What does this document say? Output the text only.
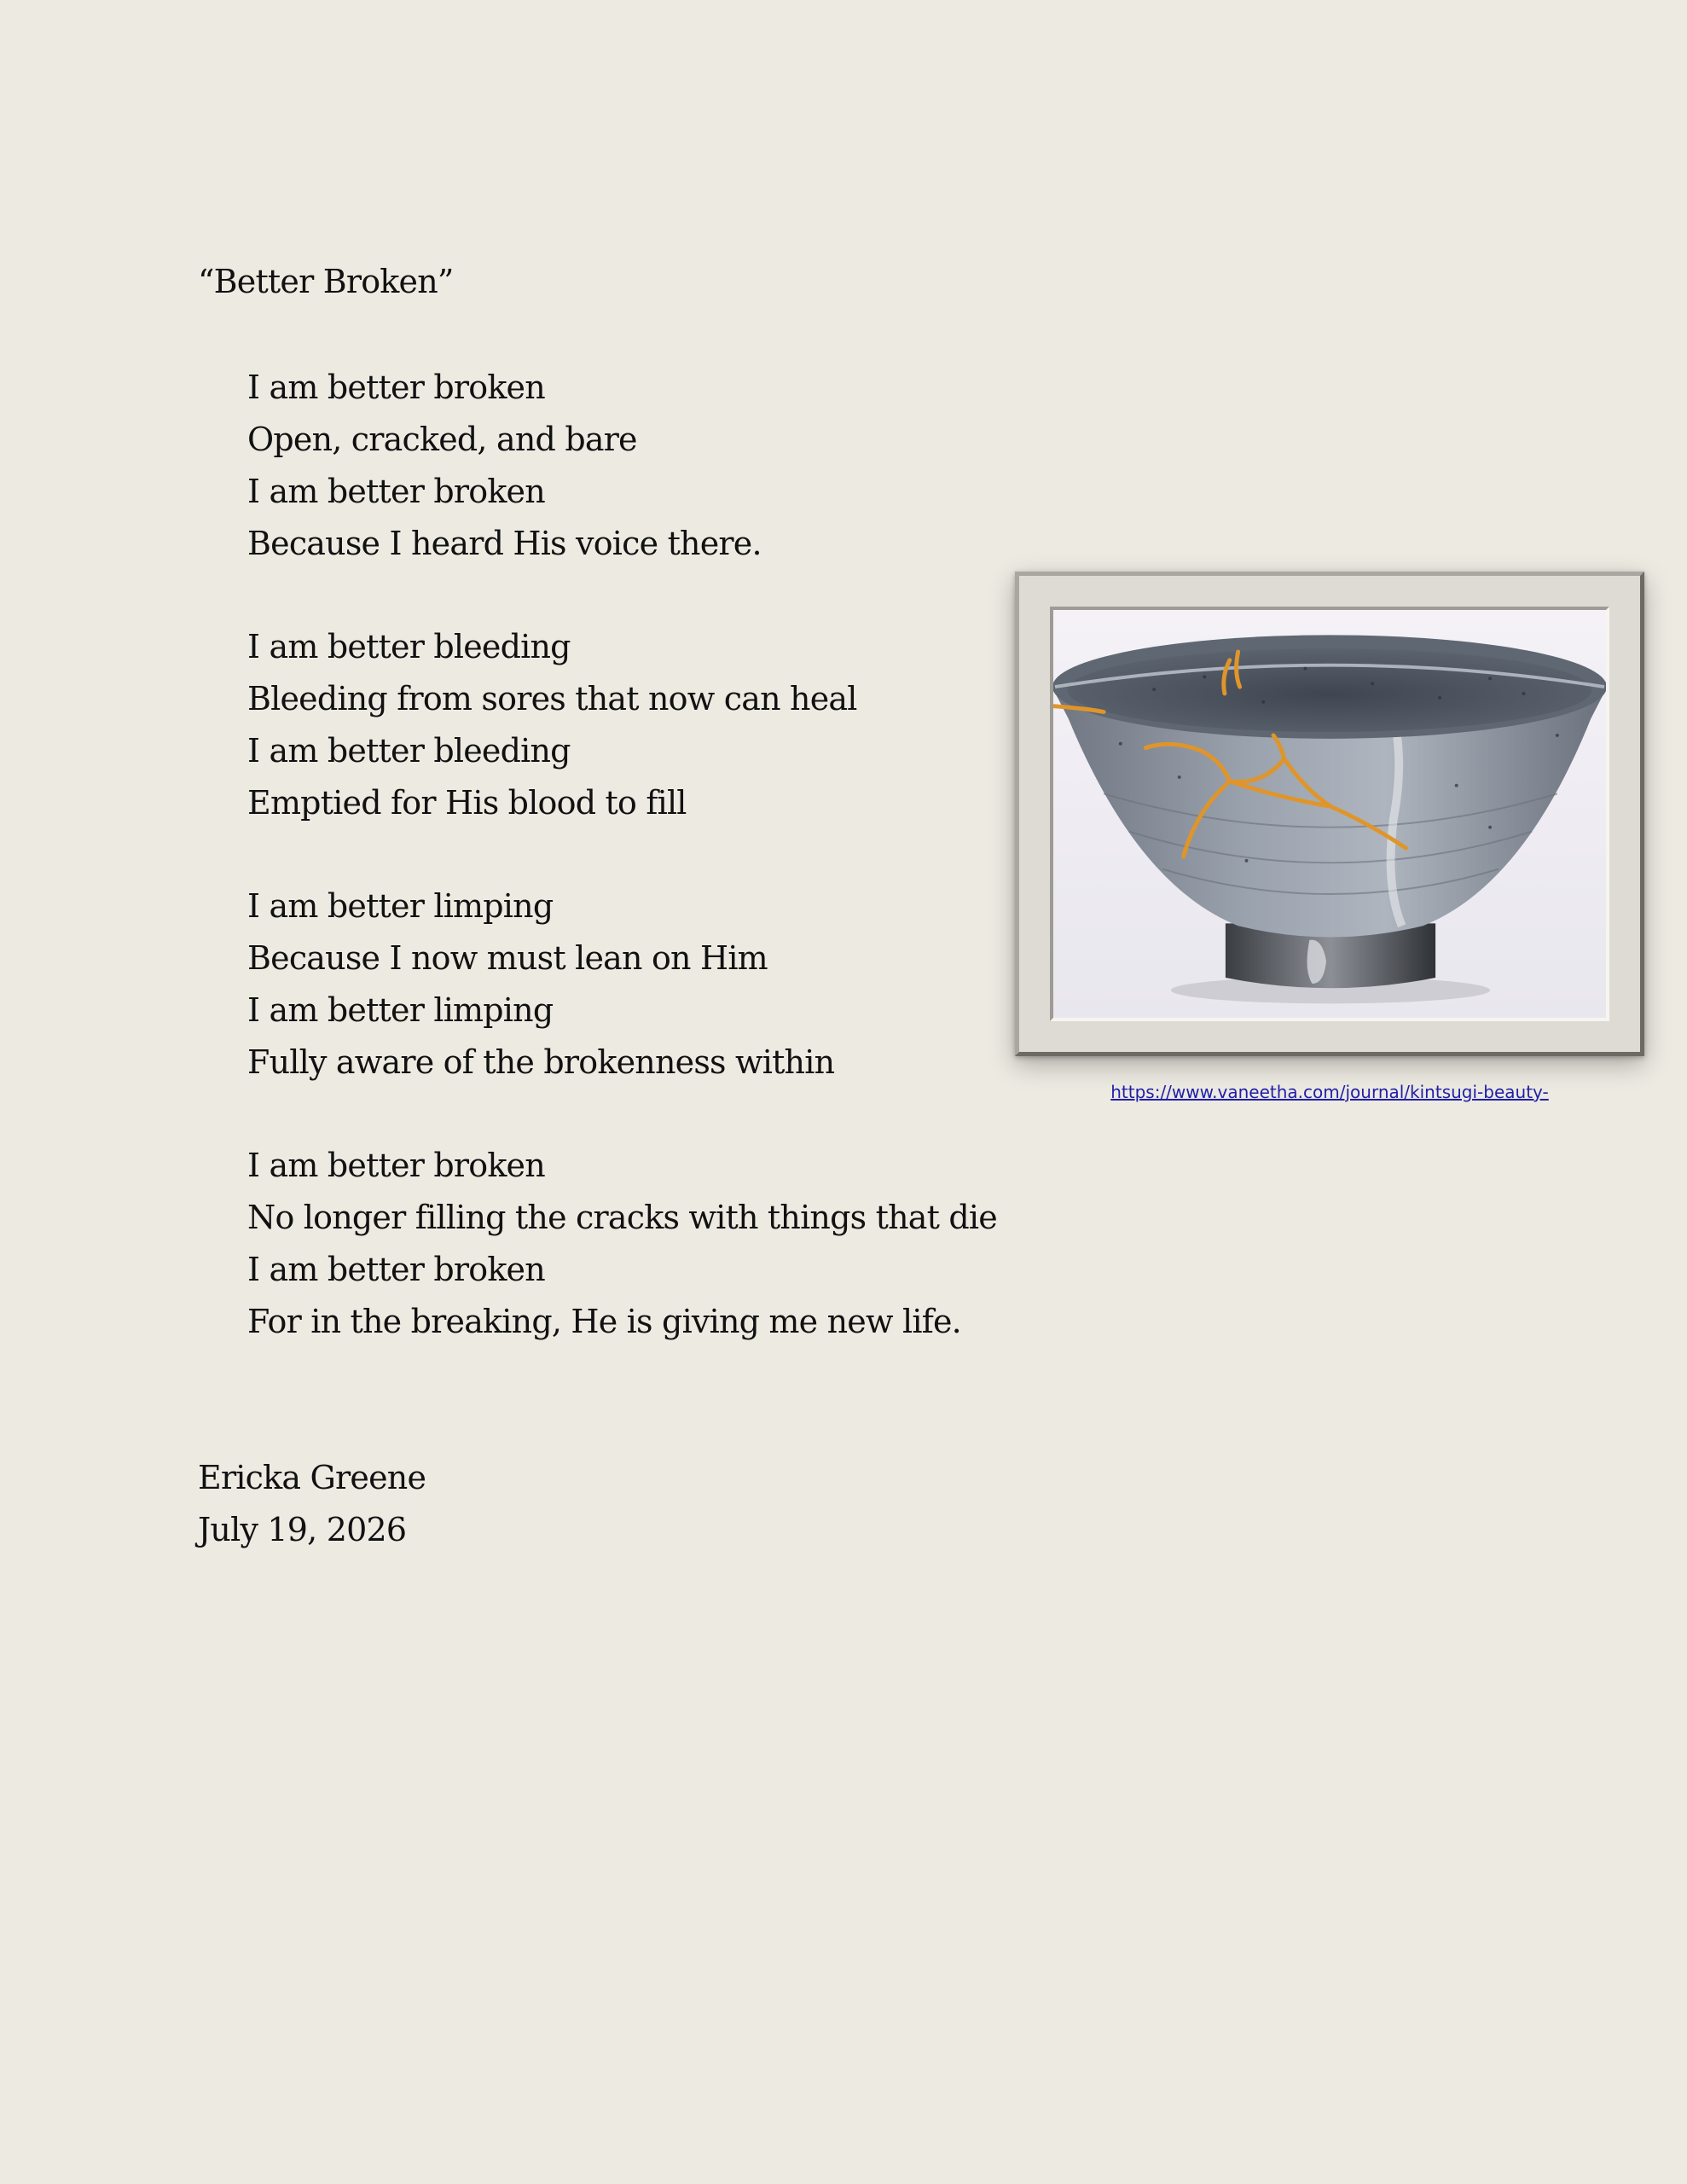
“Better Broken”
I am better broken
Open, cracked, and bare
I am better broken
Because I heard His voice there.
I am better bleeding
Bleeding from sores that now can heal
I am better bleeding
Emptied for His blood to fill
I am better limping
Because I now must lean on Him
I am better limping
Fully aware of the brokenness within
I am better broken
No longer filling the cracks with things that die
I am better broken
For in the breaking, He is giving me new life.
Ericka Greene
July 19, 2026
https://www.vaneetha.com/journal/kintsugi-beauty-
